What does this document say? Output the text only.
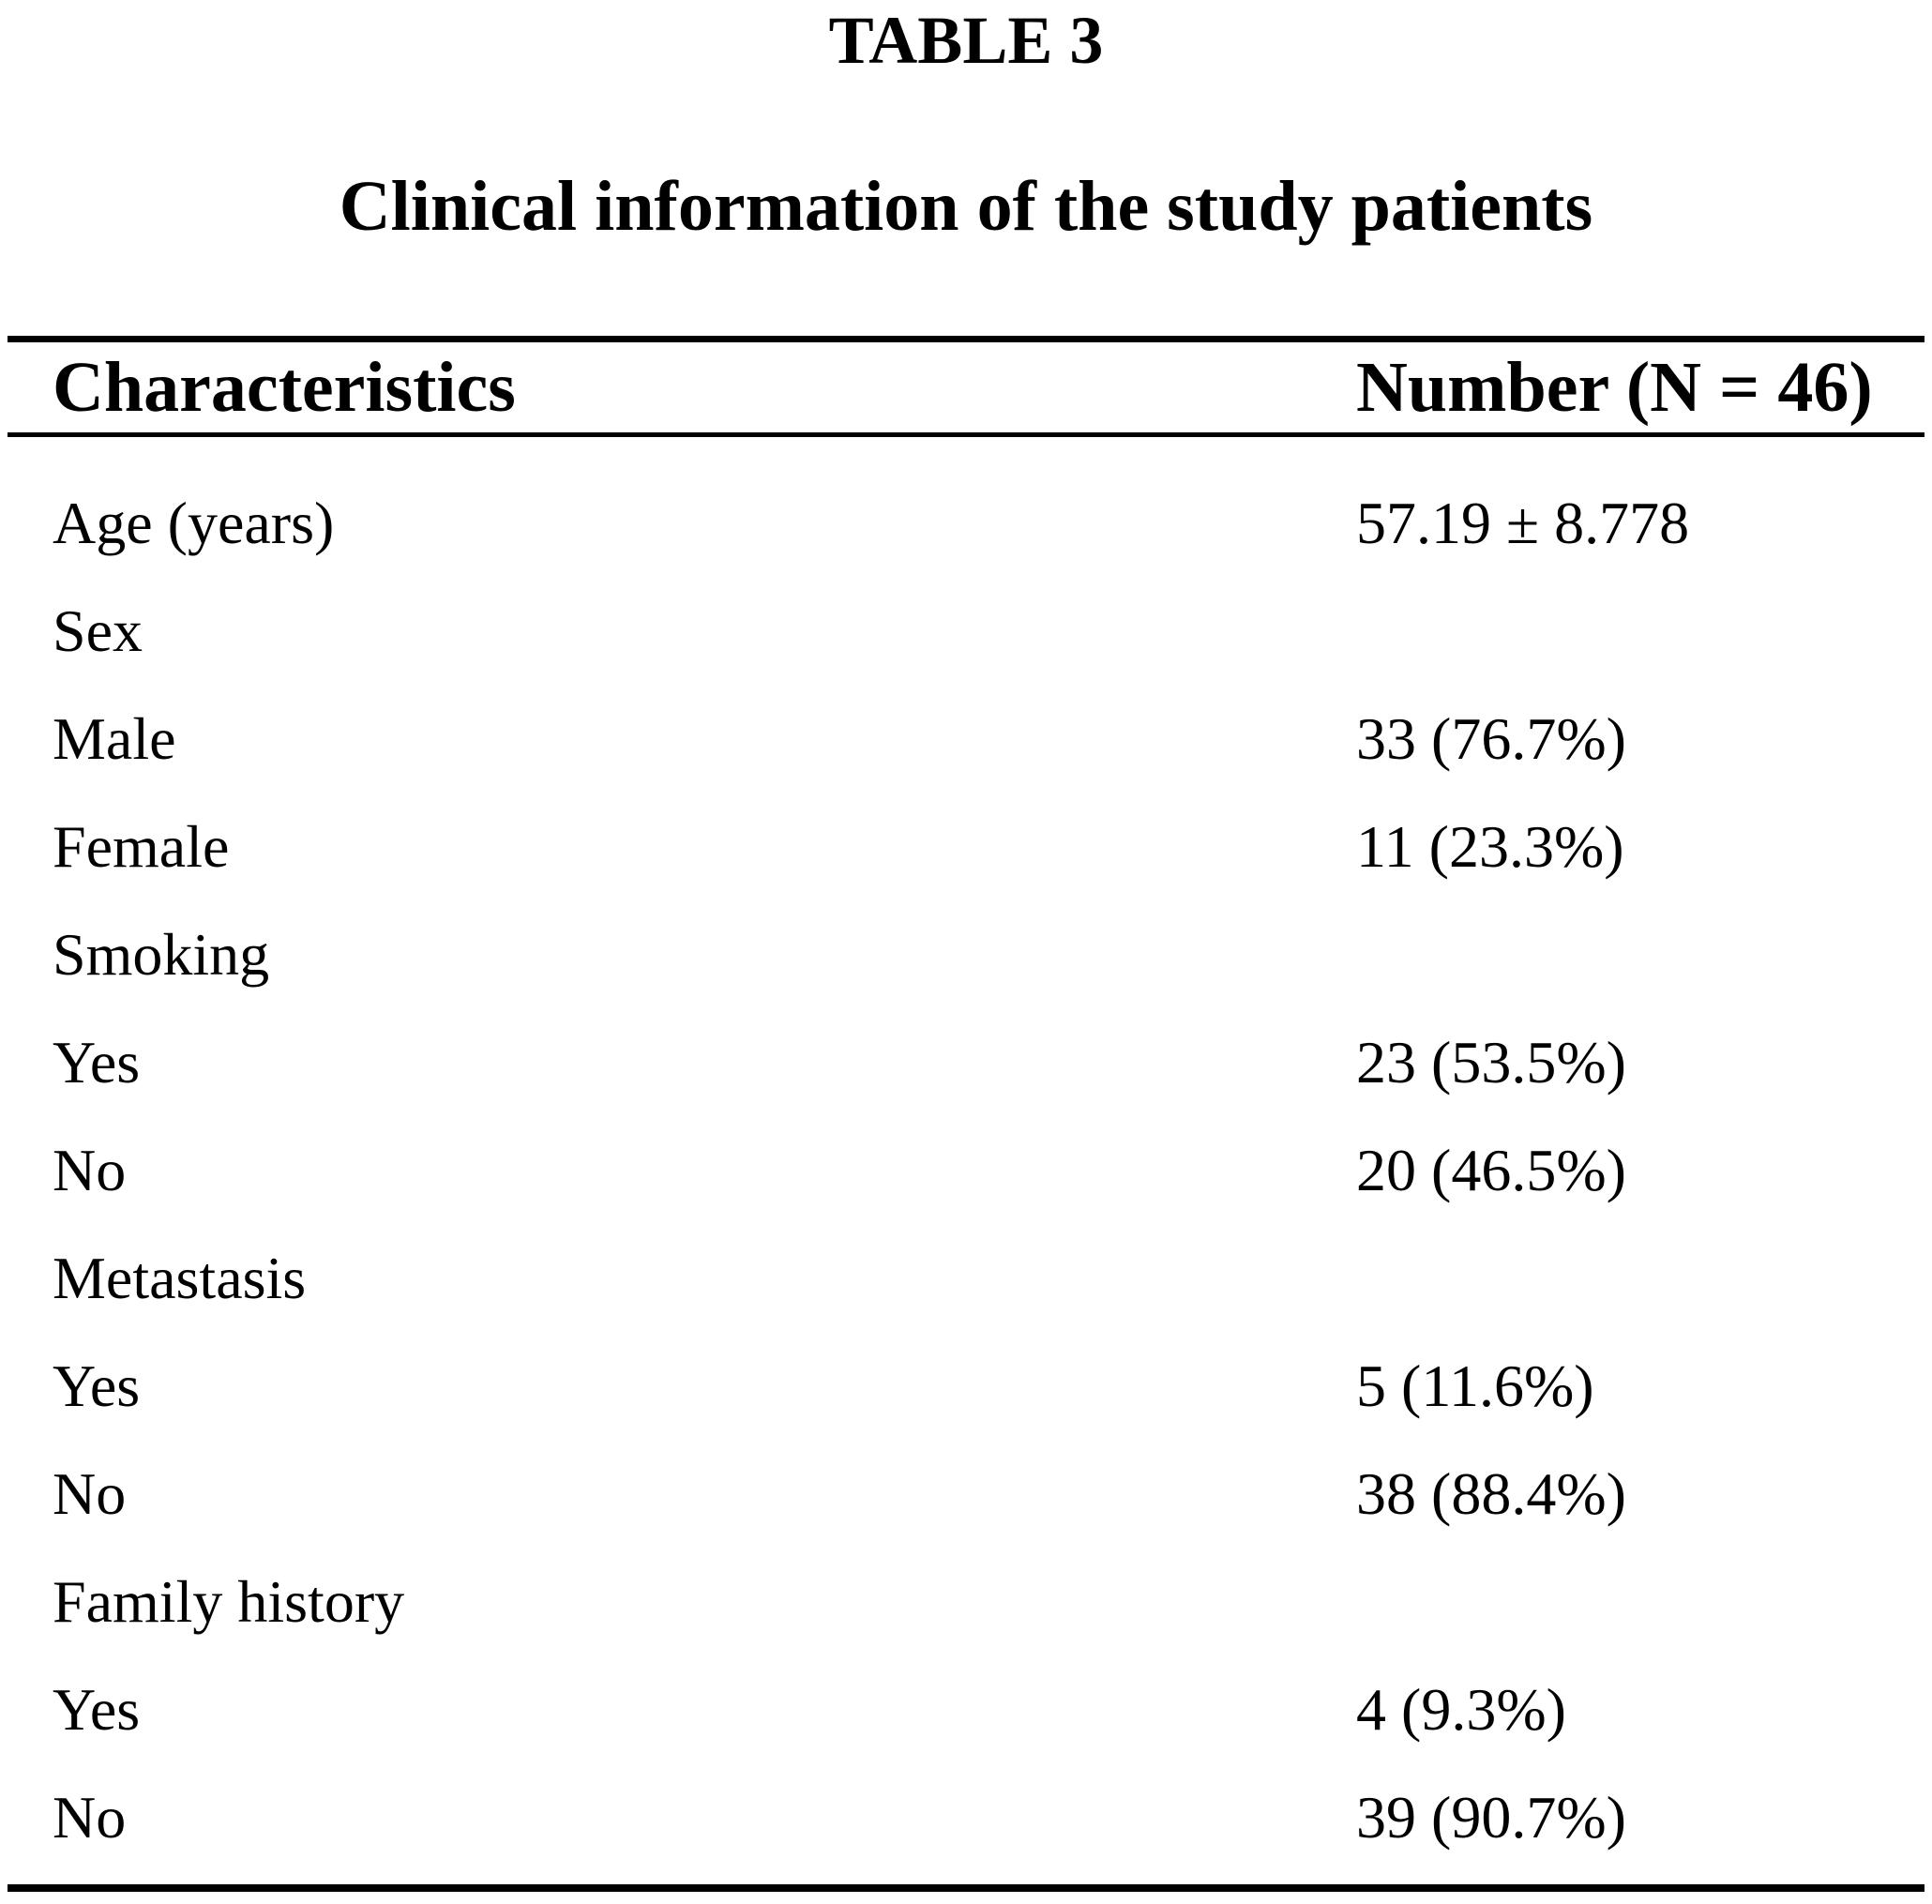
TABLE 3
Clinical information of the study patients
Characteristics	Number (N = 46)
Age (years)	57.19 ± 8.778
Sex
Male	33 (76.7%)
Female	11 (23.3%)
Smoking
Yes	23 (53.5%)
No	20 (46.5%)
Metastasis
Yes	5 (11.6%)
No	38 (88.4%)
Family history
Yes	4 (9.3%)
No	39 (90.7%)
